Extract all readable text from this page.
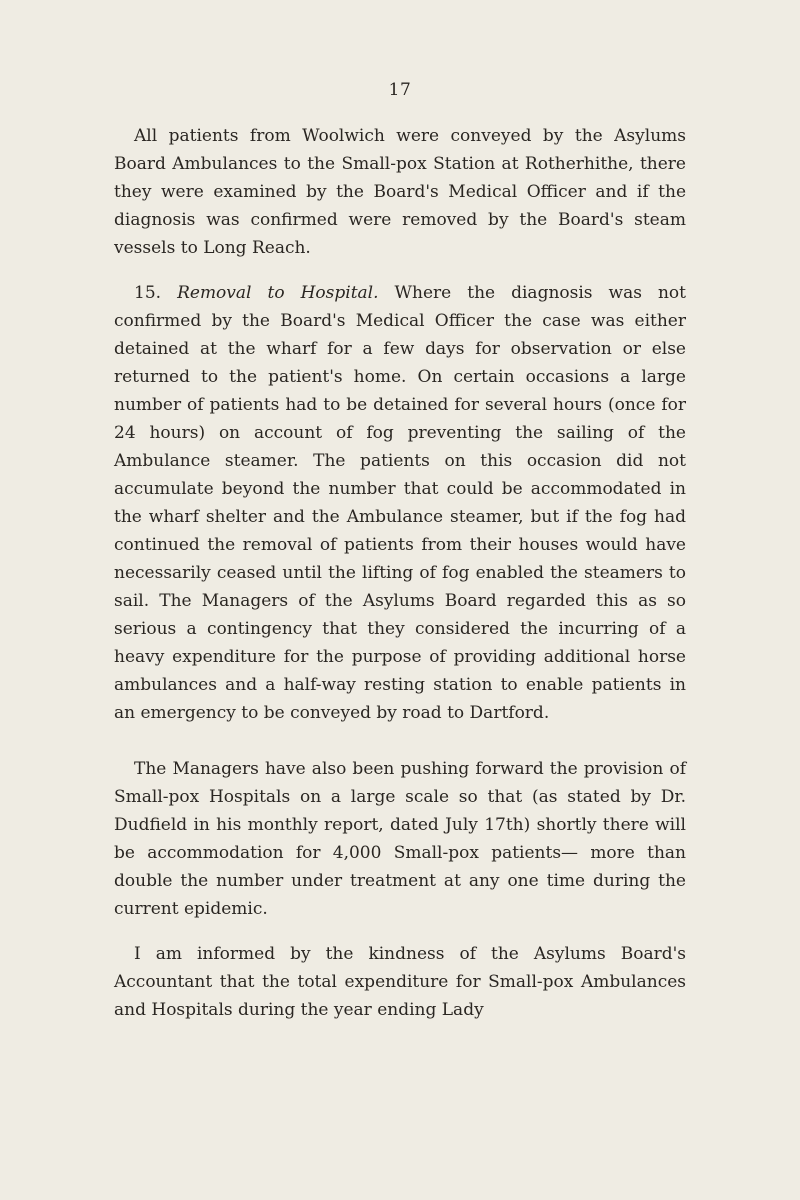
17

All patients from Woolwich were conveyed by the Asylums Board Ambulances to the Small-pox Station at Rotherhithe, there they were examined by the Board's Medical Officer and if the diagnosis was confirmed were removed by the Board's steam vessels to Long Reach.

15. Removal to Hospital. Where the diagnosis was not confirmed by the Board's Medical Officer the case was either detained at the wharf for a few days for observation or else returned to the patient's home. On certain occasions a large number of patients had to be detained for several hours (once for 24 hours) on account of fog preventing the sailing of the Ambulance steamer. The patients on this occasion did not accumulate beyond the number that could be accommodated in the wharf shelter and the Ambulance steamer, but if the fog had continued the removal of patients from their houses would have necessarily ceased until the lifting of fog enabled the steamers to sail. The Managers of the Asylums Board regarded this as so serious a contingency that they considered the incurring of a heavy expenditure for the purpose of providing additional horse ambulances and a half-way resting station to enable patients in an emergency to be conveyed by road to Dartford.

The Managers have also been pushing forward the provision of Small-pox Hospitals on a large scale so that (as stated by Dr. Dudfield in his monthly report, dated July 17th) shortly there will be accommodation for 4,000 Small-pox patients— more than double the number under treatment at any one time during the current epidemic.

I am informed by the kindness of the Asylums Board's Accountant that the total expenditure for Small-pox Ambulances and Hospitals during the year ending Lady
